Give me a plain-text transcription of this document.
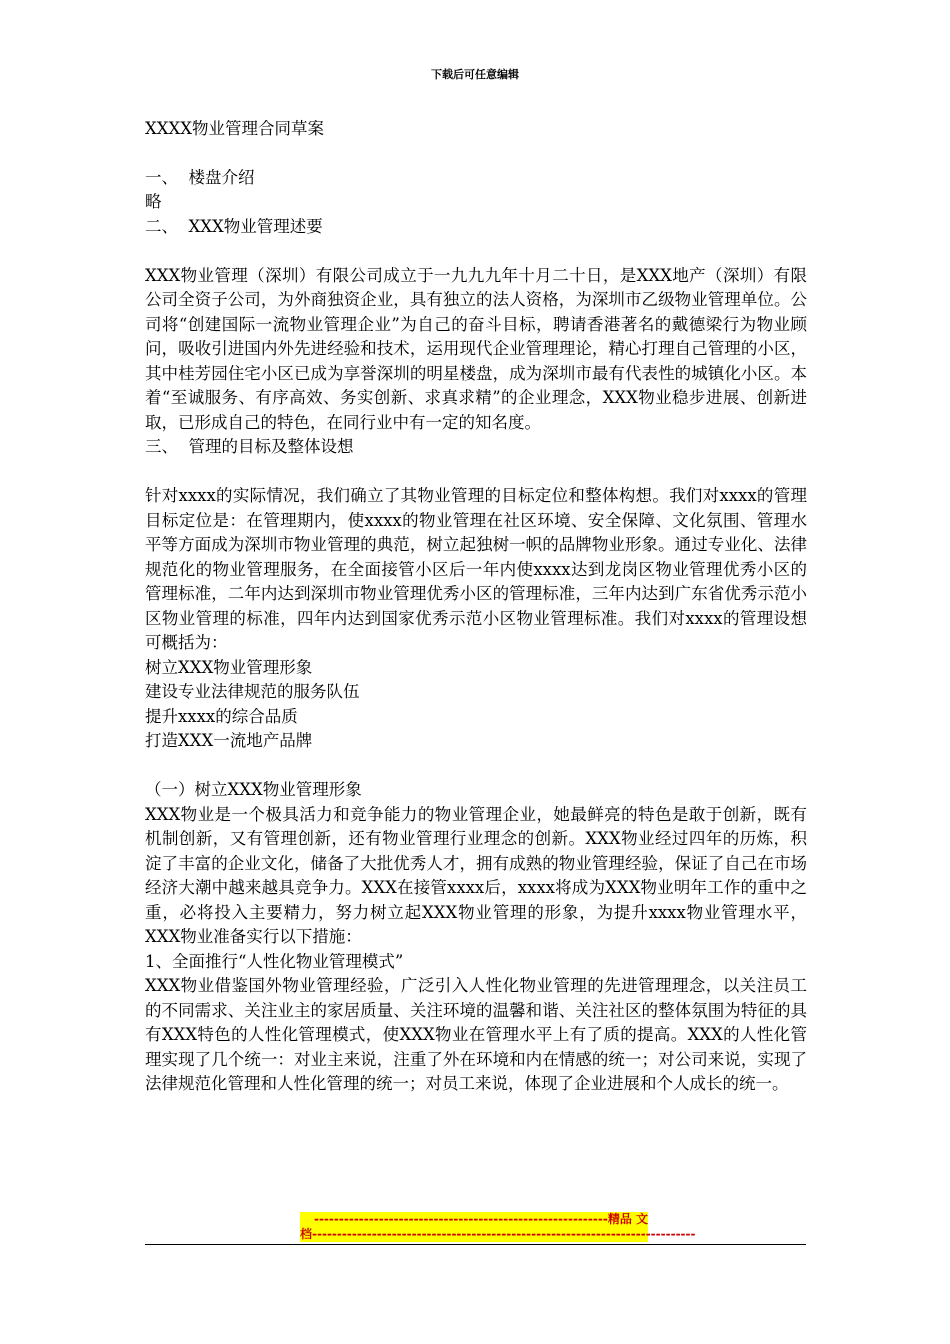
下载后可任意编辑

XXXX物业管理合同草案

一、  楼盘介绍

略

二、  XXX物业管理述要

XXX物业管理（深圳）有限公司成立于一九九九年十月二十日，是XXX地产（深圳）有限公司全资子公司，为外商独资企业，具有独立的法人资格，为深圳市乙级物业管理单位。公司将“创建国际一流物业管理企业”为自己的奋斗目标，聘请香港著名的戴德梁行为物业顾问，吸收引进国内外先进经验和技术，运用现代企业管理理论，精心打理自己管理的小区，其中桂芳园住宅小区已成为享誉深圳的明星楼盘，成为深圳市最有代表性的城镇化小区。本着“至诚服务、有序高效、务实创新、求真求精”的企业理念，XXX物业稳步进展、创新进取，已形成自己的特色，在同行业中有一定的知名度。

三、  管理的目标及整体设想

针对xxxx的实际情况，我们确立了其物业管理的目标定位和整体构想。我们对xxxx的管理目标定位是：在管理期内，使xxxx的物业管理在社区环境、安全保障、文化氛围、管理水平等方面成为深圳市物业管理的典范，树立起独树一帜的品牌物业形象。通过专业化、法律规范化的物业管理服务，在全面接管小区后一年内使xxxx达到龙岗区物业管理优秀小区的管理标准，二年内达到深圳市物业管理优秀小区的管理标准，三年内达到广东省优秀示范小区物业管理的标准，四年内达到国家优秀示范小区物业管理标准。我们对xxxx的管理设想可概括为：

树立XXX物业管理形象

建设专业法律规范的服务队伍

提升xxxx的综合品质

打造XXX一流地产品牌

（一）树立XXX物业管理形象

XXX物业是一个极具活力和竞争能力的物业管理企业，她最鲜亮的特色是敢于创新，既有机制创新，又有管理创新，还有物业管理行业理念的创新。XXX物业经过四年的历炼，积淀了丰富的企业文化，储备了大批优秀人才，拥有成熟的物业管理经验，保证了自己在市场经济大潮中越来越具竞争力。XXX在接管xxxx后，xxxx将成为XXX物业明年工作的重中之重，必将投入主要精力，努力树立起XXX物业管理的形象，为提升xxxx物业管理水平，XXX物业准备实行以下措施：

1、全面推行“人性化物业管理模式”

XXX物业借鉴国外物业管理经验，广泛引入人性化物业管理的先进管理理念，以关注员工的不同需求、关注业主的家居质量、关注环境的温馨和谐、关注社区的整体氛围为特征的具有XXX特色的人性化管理模式，使XXX物业在管理水平上有了质的提高。XXX的人性化管理实现了几个统一：对业主来说，注重了外在环境和内在情感的统一；对公司来说，实现了法律规范化管理和人性化管理的统一；对员工来说，体现了企业进展和个人成长的统一。

-----------------------------------------------------------精品 文
档-----------------------------------------------------------------------------
